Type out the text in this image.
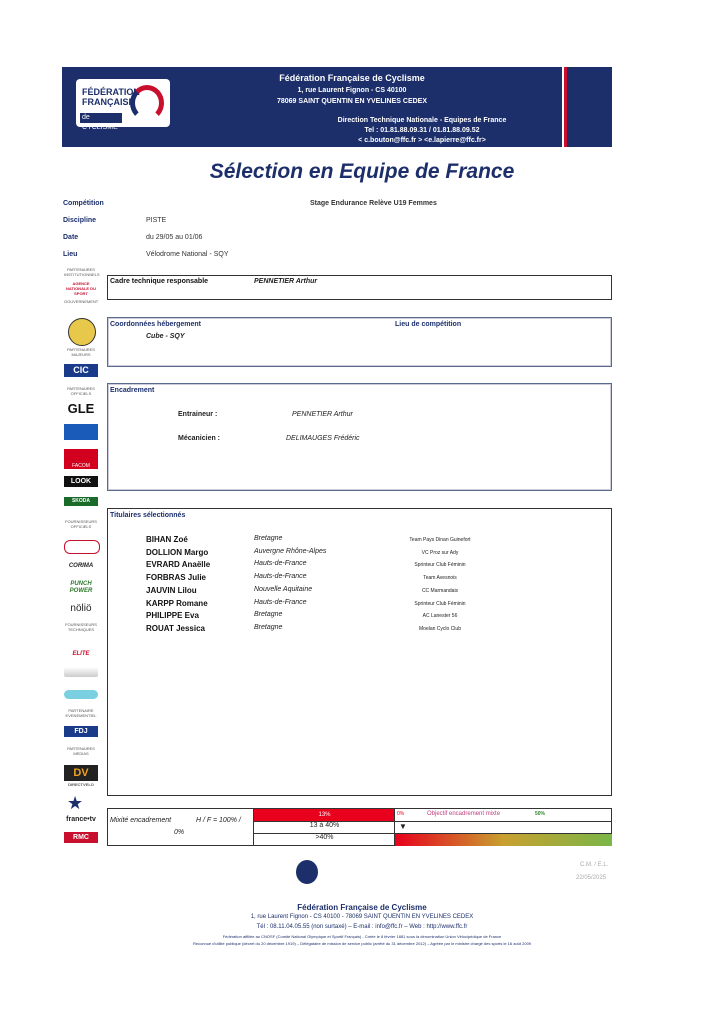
FÉDÉRATION
FRANÇAISE
de CYCLISME
Fédération Française de Cyclisme
1, rue Laurent Fignon - CS 40100
78069 SAINT QUENTIN EN YVELINES CEDEX
Direction Technique Nationale - Equipes de France
Tel : 01.81.88.09.31 / 01.81.88.09.52
< c.bouton@ffc.fr > <e.lapierre@ffc.fr>
Sélection en Equipe de France
Compétition	Stage Endurance Relève U19 Femmes
Discipline	PISTE
Date	du 29/05 au 01/06
Lieu	Vélodrome National - SQY
Cadre technique responsable	PENNETIER Arthur
Coordonnées hébergement
Cube - SQY
Lieu de compétition
Encadrement
Entraineur :	PENNETIER Arthur
Mécanicien :	DELIMAUGES Frédéric
Titulaires sélectionnés
BIHAN Zoé	Bretagne	Team Pays Dinan Guinefort
DOLLION Margo	Auvergne Rhône-Alpes	VC Proz sur Ady
EVRARD Anaëlle	Hauts-de-France	Sprinteur Club Féminin
FORBRAS Julie	Hauts-de-France	Team Avesnois
JAUVIN Lilou	Nouvelle Aquitaine	CC Marmandais
KARPP Romane	Hauts-de-France	Sprinteur Club Féminin
PHILIPPE Eva	Bretagne	AC Lanester 56
ROUAT Jessica	Bretagne	Moelan Cyclo Club
Mixité encadrement	H / F = 100% /
0%
13%
13 à 40%
>40%
0%	Objectif encadrement mixte	50%
▼
PARTENAIRES INSTITUTIONNELS
AGENCE NATIONALE DU SPORT
GOUVERNEMENT
PARTENAIRES MAJEURS
CIC
PARTENAIRES OFFICIELS
GLE
FACOM
LOOK
SKODA
FOURNISSEURS OFFICIELS
CORIMA
PUNCH POWER
nöliö
FOURNISSEURS TECHNIQUES
ELITE
PARTENAIRE EVENEMENTIEL
FDJ
PARTENAIRES MEDIAS
DV
DIRECTVELO
★
france•tv
RMC
C.M. / E.L.
22/05/2025
Fédération Française de Cyclisme
1, rue Laurent Fignon - CS 40100 - 78069 SAINT QUENTIN EN YVELINES CEDEX
Tél : 08.11.04.05.55 (non surtaxé) – E-mail : info@ffc.fr – Web : http://www.ffc.fr
Fédération affiliée au CNOSF (Comité National Olympique et Sportif Français) - Créée le 8 février 1881 sous la dénomination Union Vélocipédique de France
Reconnue d'utilité publique (décret du 20 décembre 1919) – Délégataire de mission de service public (arrêté du 31 décembre 2012) – Agréée par le ministre chargé des sports le 16 août 2009
